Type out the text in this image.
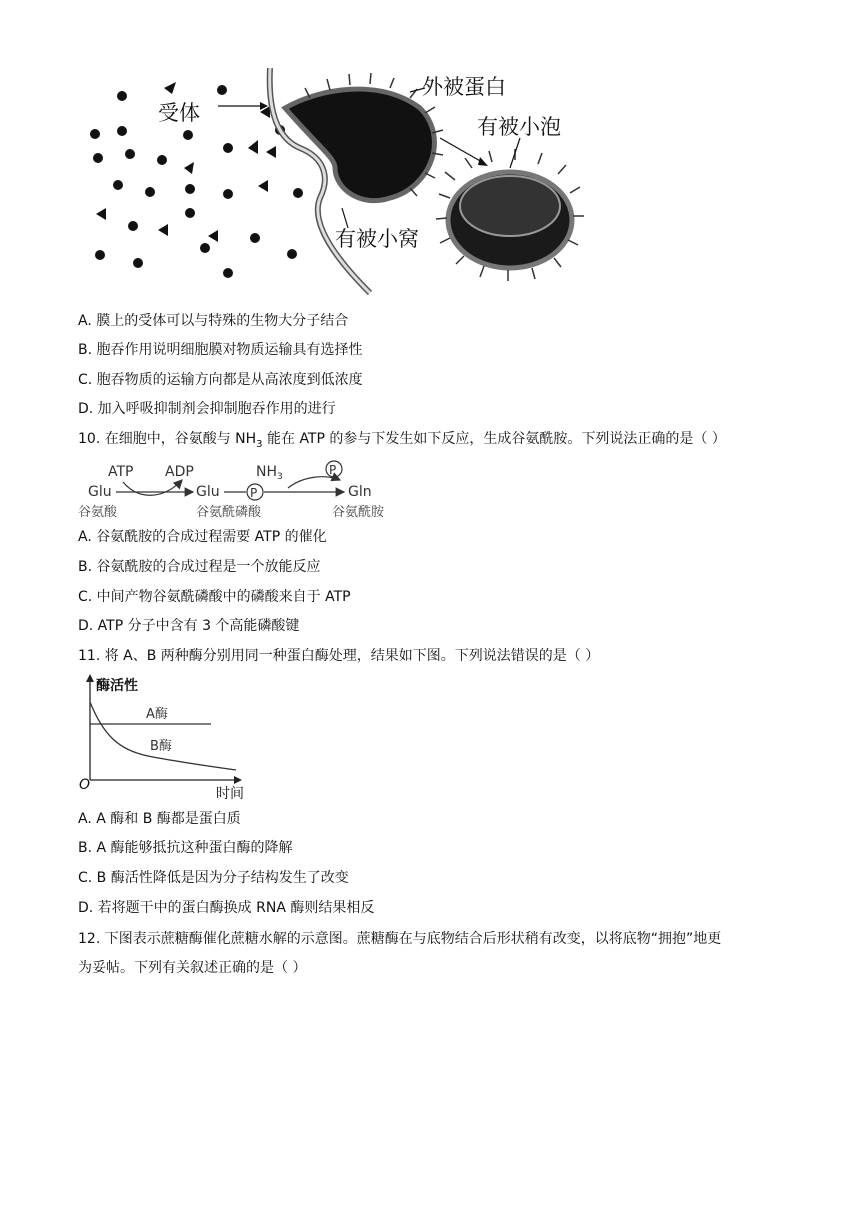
受体
外被蛋白
有被小泡
有被小窝
A. 膜上的受体可以与特殊的生物大分子结合
B. 胞吞作用说明细胞膜对物质运输具有选择性
C. 胞吞物质的运输方向都是从高浓度到低浓度
D. 加入呼吸抑制剂会抑制胞吞作用的进行
10. 在细胞中，谷氨酸与 $NH_3$ 能在 ATP 的参与下发生如下反应，生成谷氨酰胺。下列说法正确的是（ ）
ATP ADP	$NH_3$	P
Glu	Glu	P	Gln
谷氨酸	谷氨酰磷酸	谷氨酰胺
A. 谷氨酰胺的合成过程需要 ATP 的催化
B. 谷氨酰胺的合成过程是一个放能反应
C. 中间产物谷氨酰磷酸中的磷酸来自于 ATP
D. ATP 分子中含有 3 个高能磷酸键
11. 将 A、B 两种酶分别用同一种蛋白酶处理，结果如下图。下列说法错误的是（ ）
酶活性
A酶
B酶
O
时间
A. A 酶和 B 酶都是蛋白质
B. A 酶能够抵抗这种蛋白酶的降解
C. B 酶活性降低是因为分子结构发生了改变
D. 若将题干中的蛋白酶换成 RNA 酶则结果相反
12. 下图表示蔗糖酶催化蔗糖水解的示意图。蔗糖酶在与底物结合后形状稍有改变，以将底物“拥抱”地更
为妥帖。下列有关叙述正确的是（ ）
